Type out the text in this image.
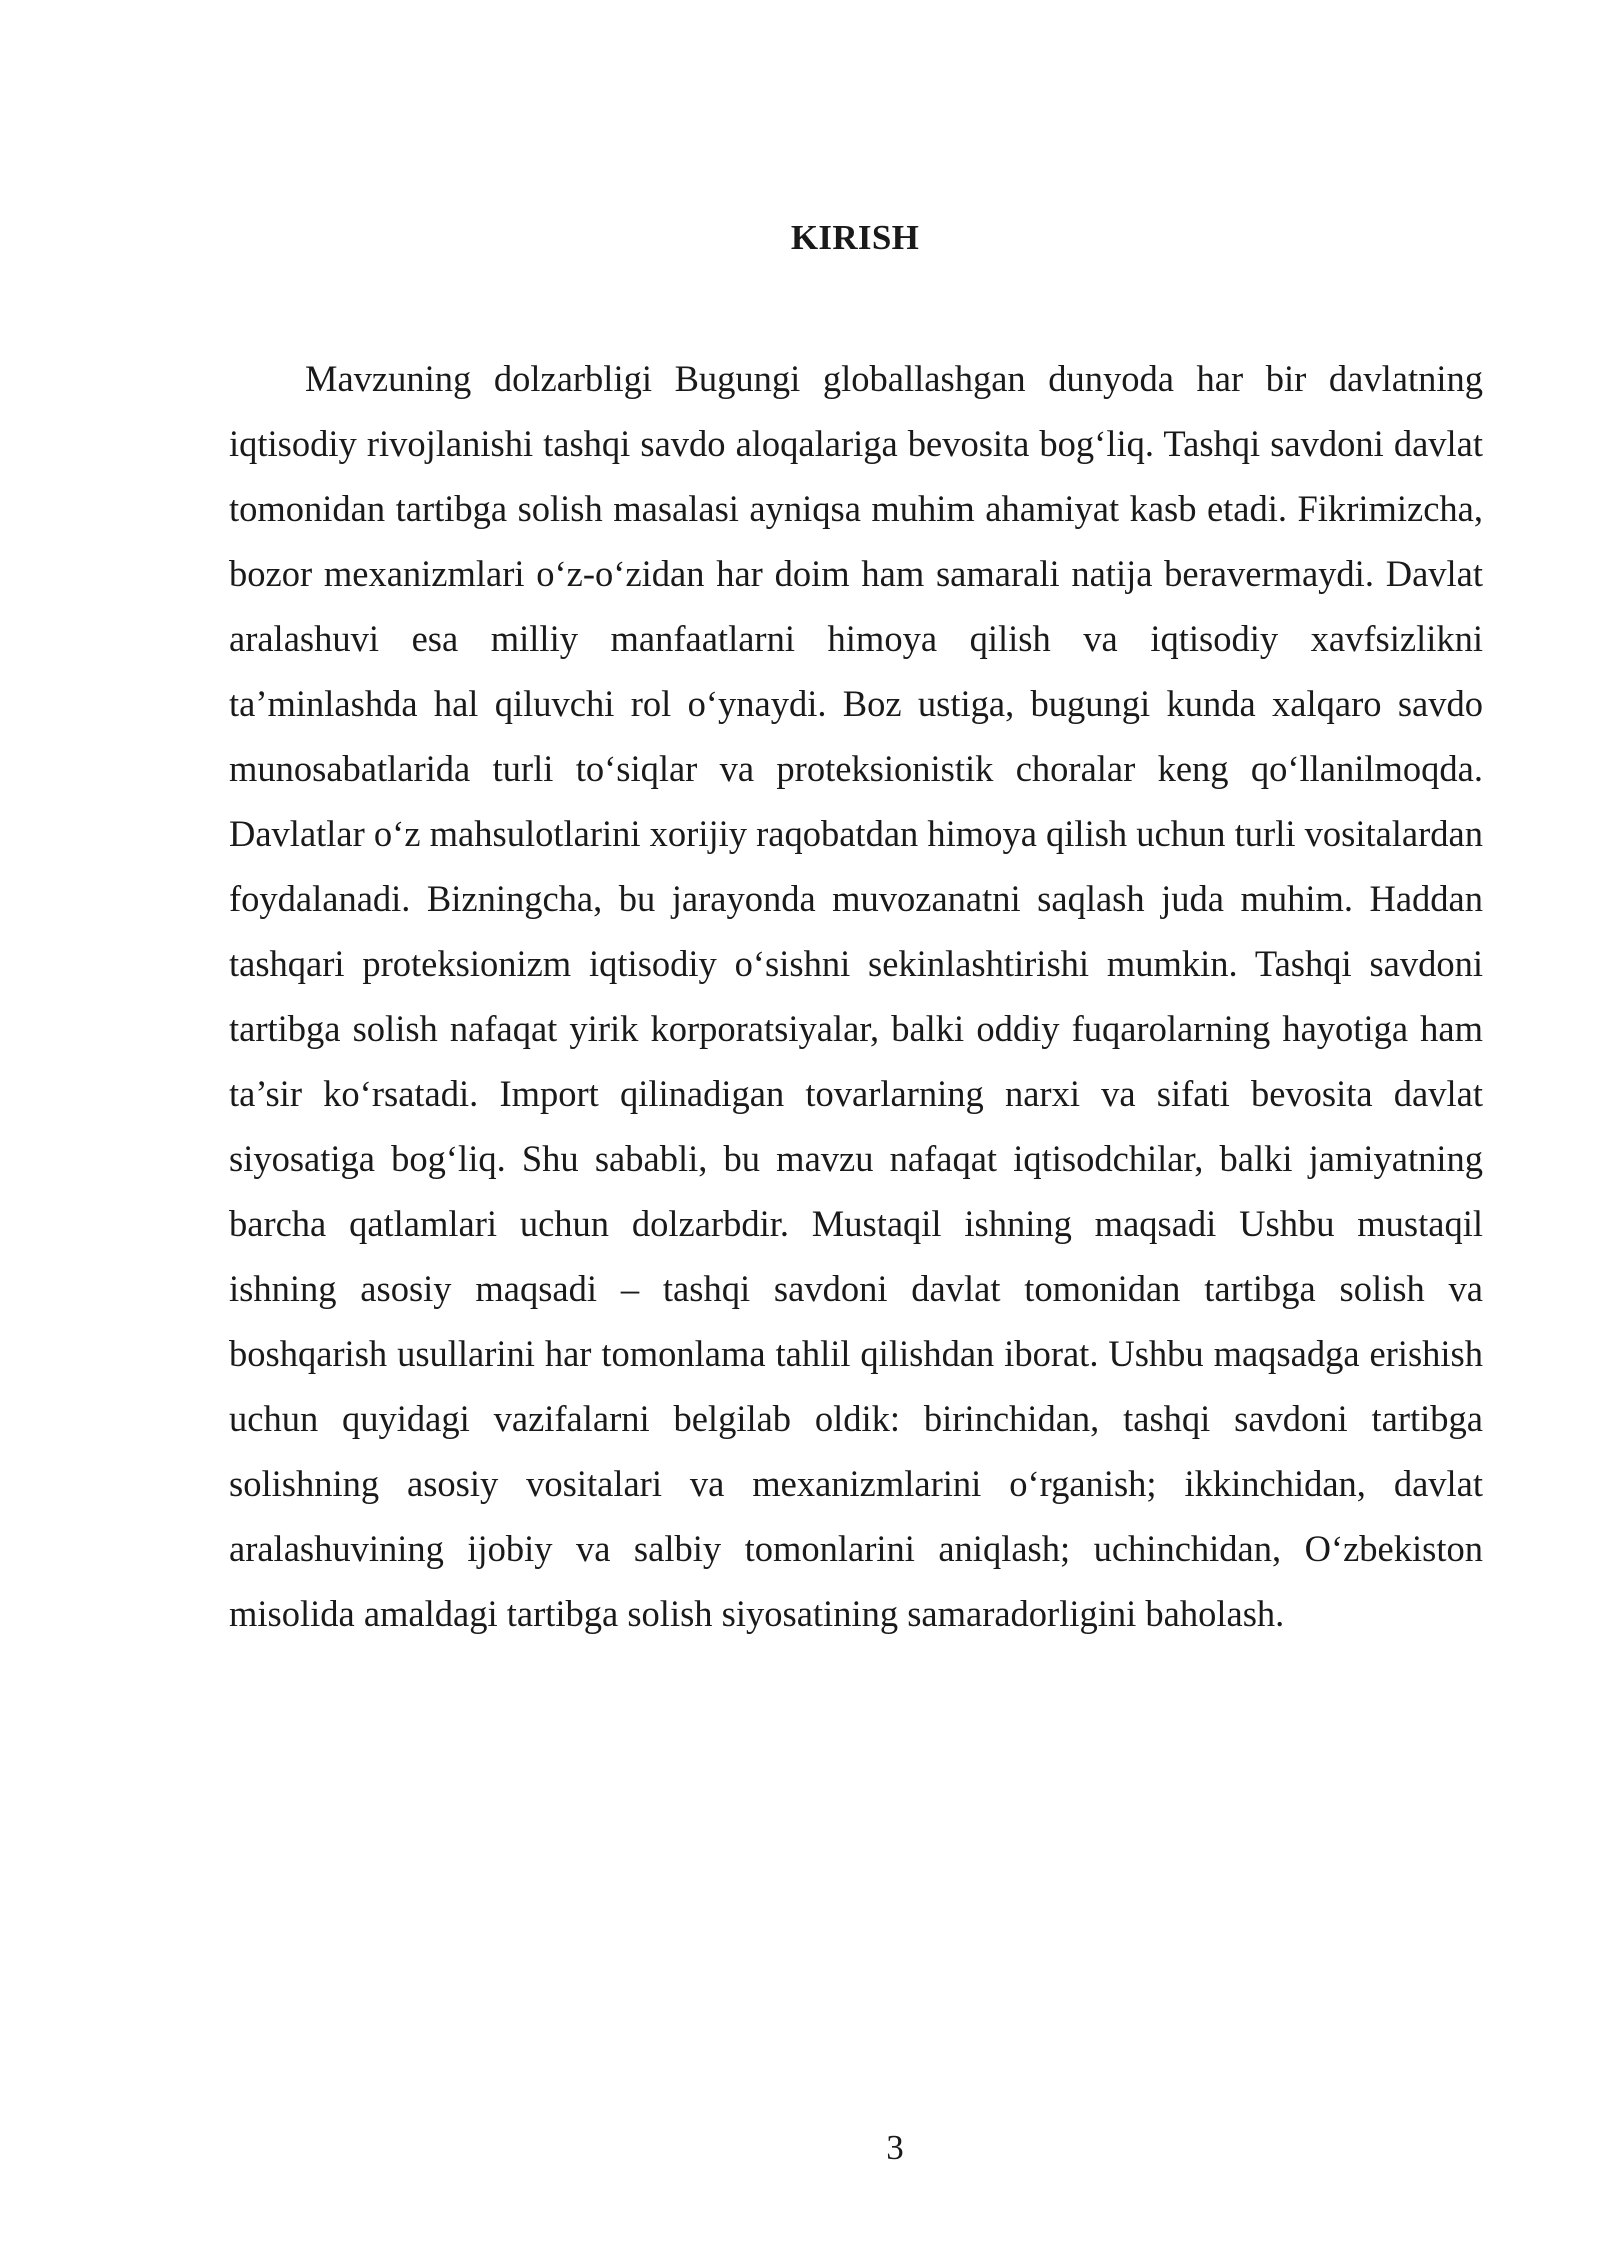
KIRISH

Mavzuning dolzarbligi Bugungi globallashgan dunyoda har bir davlatning iqtisodiy rivojlanishi tashqi savdo aloqalariga bevosita bog‘liq. Tashqi savdoni davlat tomonidan tartibga solish masalasi ayniqsa muhim ahamiyat kasb etadi. Fikrimizcha, bozor mexanizmlari o‘z-o‘zidan har doim ham samarali natija beravermaydi. Davlat aralashuvi esa milliy manfaatlarni himoya qilish va iqtisodiy xavfsizlikni ta’minlashda hal qiluvchi rol o‘ynaydi. Boz ustiga, bugungi kunda xalqaro savdo munosabatlarida turli to‘siqlar va proteksionistik choralar keng qo‘llanilmoqda. Davlatlar o‘z mahsulotlarini xorijiy raqobatdan himoya qilish uchun turli vositalardan foydalanadi. Bizningcha, bu jarayonda muvozanatni saqlash juda muhim. Haddan tashqari proteksionizm iqtisodiy o‘sishni sekinlashtirishi mumkin. Tashqi savdoni tartibga solish nafaqat yirik korporatsiyalar, balki oddiy fuqarolarning hayotiga ham ta’sir ko‘rsatadi. Import qilinadigan tovarlarning narxi va sifati bevosita davlat siyosatiga bog‘liq. Shu sababli, bu mavzu nafaqat iqtisodchilar, balki jamiyatning barcha qatlamlari uchun dolzarbdir. Mustaqil ishning maqsadi Ushbu mustaqil ishning asosiy maqsadi – tashqi savdoni davlat tomonidan tartibga solish va boshqarish usullarini har tomonlama tahlil qilishdan iborat. Ushbu maqsadga erishish uchun quyidagi vazifalarni belgilab oldik: birinchidan, tashqi savdoni tartibga solishning asosiy vositalari va mexanizmlarini o‘rganish; ikkinchidan, davlat aralashuvining ijobiy va salbiy tomonlarini aniqlash; uchinchidan, O‘zbekiston misolida amaldagi tartibga solish siyosatining samaradorligini baholash.

3
